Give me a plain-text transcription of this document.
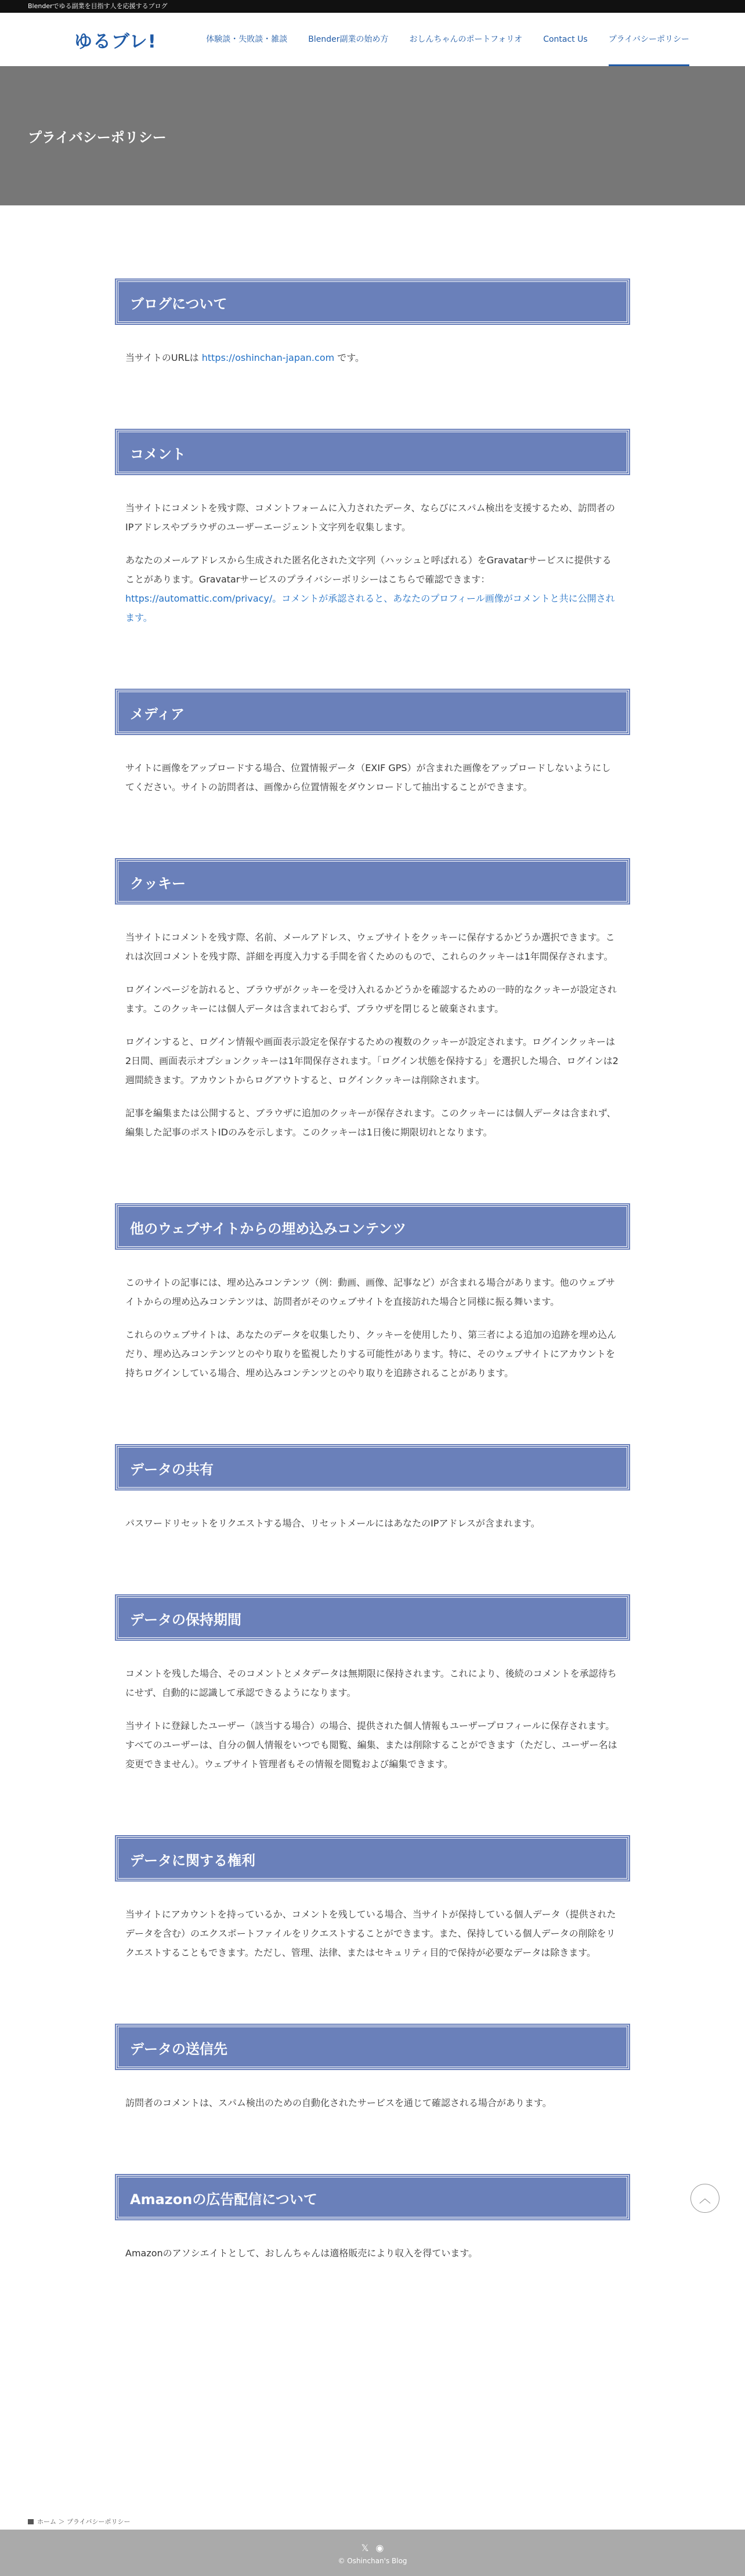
Blenderでゆる副業を目指す人を応援するブログ
ゆるブレ!	体験談・失敗談・雑談	Blender副業の始め方	おしんちゃんのポートフォリオ	Contact Us	プライバシーポリシー
プライバシーポリシー
ブログについて

当サイトのURLは https://oshinchan-japan.com です。

コメント

当サイトにコメントを残す際、コメントフォームに入力されたデータ、ならびにスパム検出を支援するため、訪問者のIPアドレスやブラウザのユーザーエージェント文字列を収集します。

あなたのメールアドレスから生成された匿名化された文字列（ハッシュと呼ばれる）をGravatarサービスに提供することがあります。Gravatarサービスのプライバシーポリシーはこちらで確認できます：https://automattic.com/privacy/。コメントが承認されると、あなたのプロフィール画像がコメントと共に公開されます。

メディア

サイトに画像をアップロードする場合、位置情報データ（EXIF GPS）が含まれた画像をアップロードしないようにしてください。サイトの訪問者は、画像から位置情報をダウンロードして抽出することができます。

クッキー

当サイトにコメントを残す際、名前、メールアドレス、ウェブサイトをクッキーに保存するかどうか選択できます。これは次回コメントを残す際、詳細を再度入力する手間を省くためのもので、これらのクッキーは1年間保存されます。

ログインページを訪れると、ブラウザがクッキーを受け入れるかどうかを確認するための一時的なクッキーが設定されます。このクッキーには個人データは含まれておらず、ブラウザを閉じると破棄されます。

ログインすると、ログイン情報や画面表示設定を保存するための複数のクッキーが設定されます。ログインクッキーは2日間、画面表示オプションクッキーは1年間保存されます。「ログイン状態を保持する」を選択した場合、ログインは2週間続きます。アカウントからログアウトすると、ログインクッキーは削除されます。

記事を編集または公開すると、ブラウザに追加のクッキーが保存されます。このクッキーには個人データは含まれず、編集した記事のポストIDのみを示します。このクッキーは1日後に期限切れとなります。

他のウェブサイトからの埋め込みコンテンツ

このサイトの記事には、埋め込みコンテンツ（例：動画、画像、記事など）が含まれる場合があります。他のウェブサイトからの埋め込みコンテンツは、訪問者がそのウェブサイトを直接訪れた場合と同様に振る舞います。

これらのウェブサイトは、あなたのデータを収集したり、クッキーを使用したり、第三者による追加の追跡を埋め込んだり、埋め込みコンテンツとのやり取りを監視したりする可能性があります。特に、そのウェブサイトにアカウントを持ちログインしている場合、埋め込みコンテンツとのやり取りを追跡されることがあります。

データの共有

パスワードリセットをリクエストする場合、リセットメールにはあなたのIPアドレスが含まれます。

データの保持期間

コメントを残した場合、そのコメントとメタデータは無期限に保持されます。これにより、後続のコメントを承認待ちにせず、自動的に認識して承認できるようになります。

当サイトに登録したユーザー（該当する場合）の場合、提供された個人情報もユーザープロフィールに保存されます。すべてのユーザーは、自分の個人情報をいつでも閲覧、編集、または削除することができます（ただし、ユーザー名は変更できません）。ウェブサイト管理者もその情報を閲覧および編集できます。

データに関する権利

当サイトにアカウントを持っているか、コメントを残している場合、当サイトが保持している個人データ（提供されたデータを含む）のエクスポートファイルをリクエストすることができます。また、保持している個人データの削除をリクエストすることもできます。ただし、管理、法律、またはセキュリティ目的で保持が必要なデータは除きます。

データの送信先

訪問者のコメントは、スパム検出のための自動化されたサービスを通じて確認される場合があります。

Amazonの広告配信について

Amazonのアソシエイトとして、おしんちゃんは適格販売により収入を得ています。

︿
ホーム ＞ プライバシーポリシー
𝕏 ◉
© Oshinchan's Blog
